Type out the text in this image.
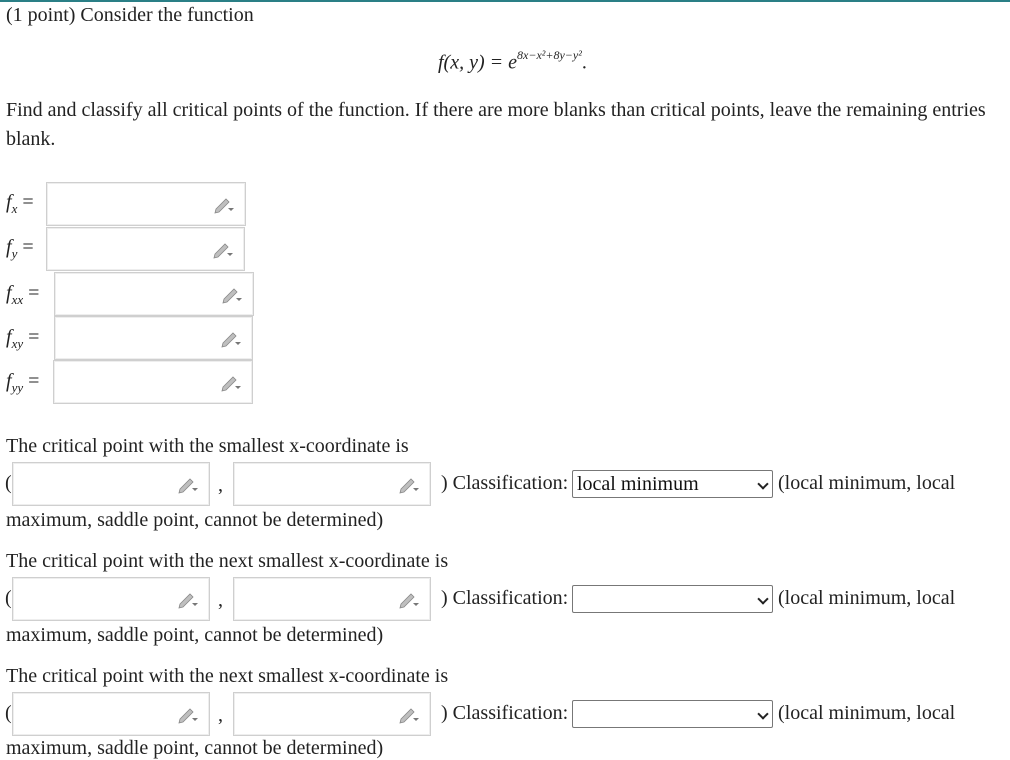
(1 point) Consider the function
f(x, $y) = e^{8x-x^2+8y-y^2}$.
Find and classify all critical points of the function. If there are more blanks than critical points, leave the remaining entries blank.
$f_x$ =
$f_y$ =
$f_{xx}$ =
$f_{xy}$ =
$f_{yy}$ =
The critical point with the smallest x-coordinate is
(	,	) Classification: local minimum	(local minimum, local
maximum, saddle point, cannot be determined)
The critical point with the next smallest x-coordinate is
(	,	) Classification:	(local minimum, local
maximum, saddle point, cannot be determined)
The critical point with the next smallest x-coordinate is
(	,	) Classification:	(local minimum, local
maximum, saddle point, cannot be determined)
